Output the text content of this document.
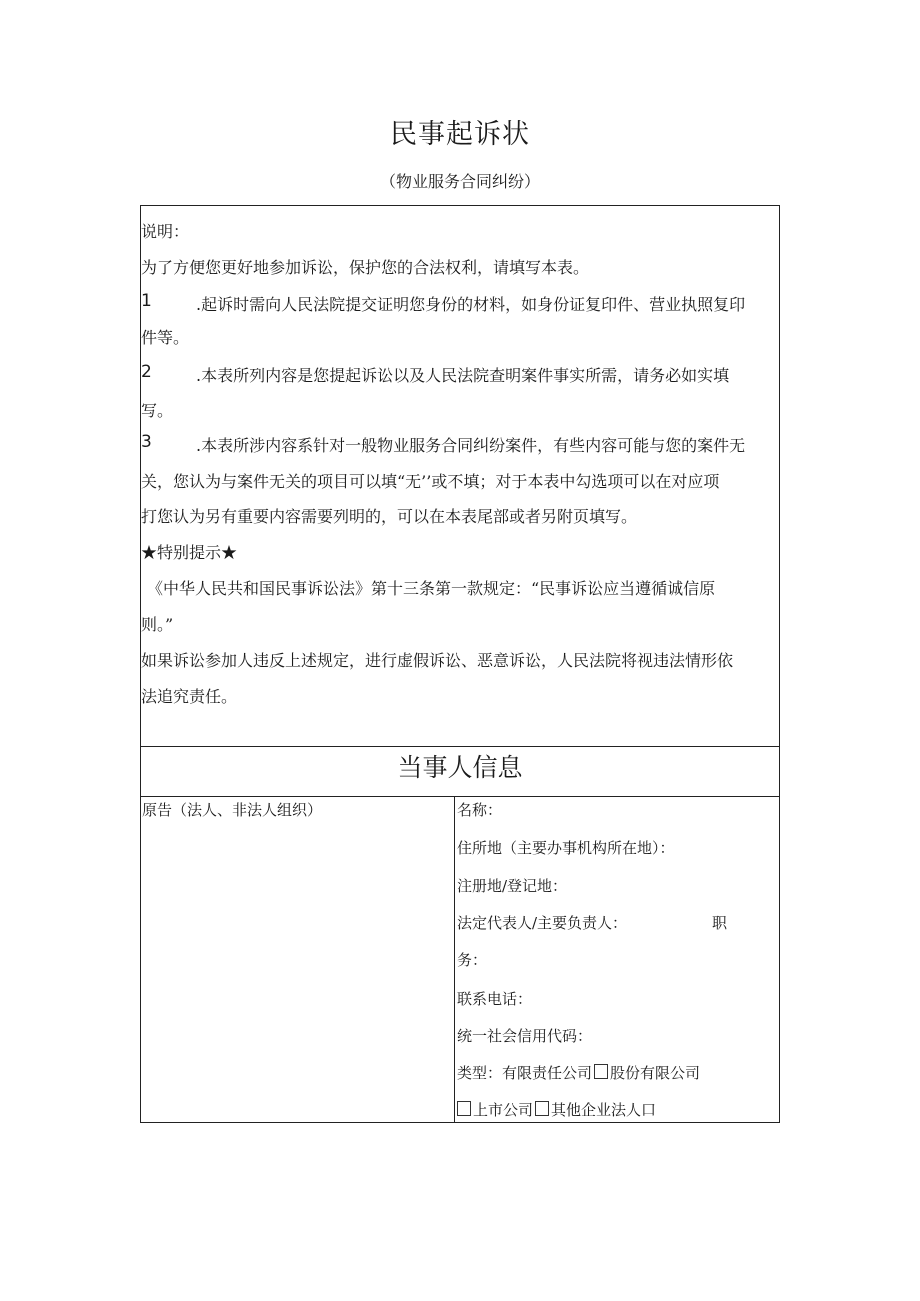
民事起诉状
（物业服务合同纠纷）
说明：
为了方便您更好地参加诉讼，保护您的合法权利，请填写本表。
1	.起诉时需向人民法院提交证明您身份的材料，如身份证复印件、营业执照复印
件等。
2	.本表所列内容是您提起诉讼以及人民法院查明案件事实所需，请务必如实填
写。
3	.本表所涉内容系针对一般物业服务合同纠纷案件，有些内容可能与您的案件无
关，您认为与案件无关的项目可以填“无’’或不填；对于本表中勾选项可以在对应项
打您认为另有重要内容需要列明的，可以在本表尾部或者另附页填写。
★特别提示★
《中华人民共和国民事诉讼法》第十三条第一款规定：“民事诉讼应当遵循诚信原
则。”
如果诉讼参加人违反上述规定，进行虚假诉讼、恶意诉讼，人民法院将视违法情形依
法追究责任。
当事人信息
原告（法人、非法人组织）	名称：
住所地（主要办事机构所在地）：
注册地/登记地：
法定代表人/主要负责人：	职
务：
联系电话：
统一社会信用代码：
类型：有限责任公司 股份有限公司
上市公司 其他企业法人口
